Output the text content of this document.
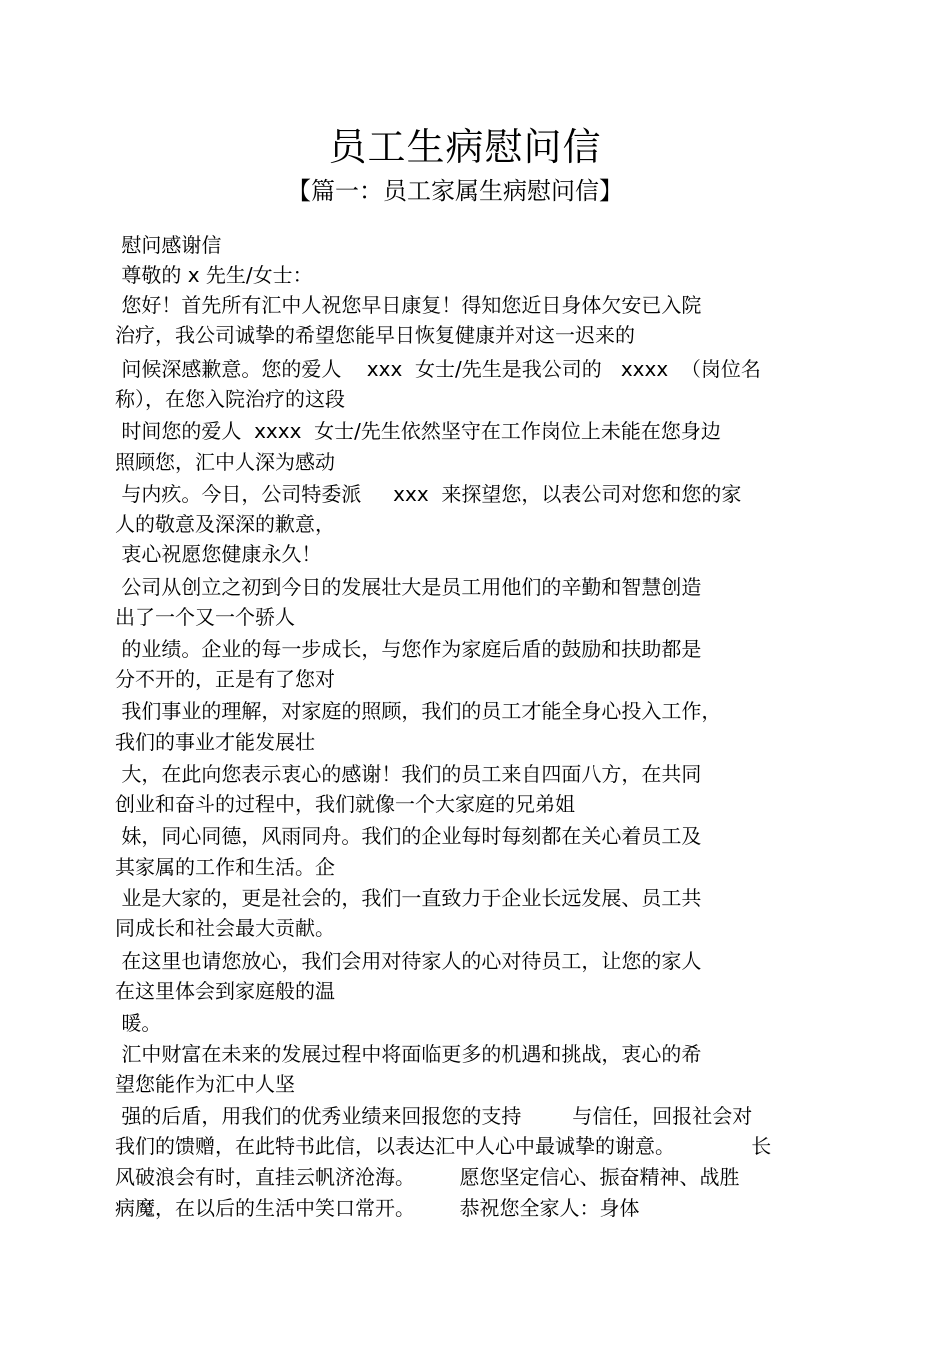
员工生病慰问信
【篇一：员工家属生病慰问信】
慰问感谢信
尊敬的 x 先生/女士：
您好！首先所有汇中人祝您早日康复！得知您近日身体欠安已入院
治疗，我公司诚挚的希望您能早日恢复健康并对这一迟来的
问候深感歉意。您的爱人    xxx  女士/先生是我公司的   xxxx  （岗位名
称），在您入院治疗的这段
时间您的爱人  xxxx  女士/先生依然坚守在工作岗位上未能在您身边
照顾您，汇中人深为感动
与内疚。今日，公司特委派     xxx  来探望您，以表公司对您和您的家
人的敬意及深深的歉意，
衷心祝愿您健康永久！
公司从创立之初到今日的发展壮大是员工用他们的辛勤和智慧创造
出了一个又一个骄人
的业绩。企业的每一步成长，与您作为家庭后盾的鼓励和扶助都是
分不开的，正是有了您对
我们事业的理解，对家庭的照顾，我们的员工才能全身心投入工作，
我们的事业才能发展壮
大，在此向您表示衷心的感谢！我们的员工来自四面八方，在共同
创业和奋斗的过程中，我们就像一个大家庭的兄弟姐
妹，同心同德，风雨同舟。我们的企业每时每刻都在关心着员工及
其家属的工作和生活。企
业是大家的，更是社会的，我们一直致力于企业长远发展、员工共
同成长和社会最大贡献。
在这里也请您放心，我们会用对待家人的心对待员工，让您的家人
在这里体会到家庭般的温
暖。
汇中财富在未来的发展过程中将面临更多的机遇和挑战，衷心的希
望您能作为汇中人坚
强的后盾，用我们的优秀业绩来回报您的支持        与信任，回报社会对
我们的馈赠，在此特书此信，以表达汇中人心中最诚挚的谢意。            长
风破浪会有时，直挂云帆济沧海。       愿您坚定信心、振奋精神、战胜
病魔，在以后的生活中笑口常开。       恭祝您全家人：身体
